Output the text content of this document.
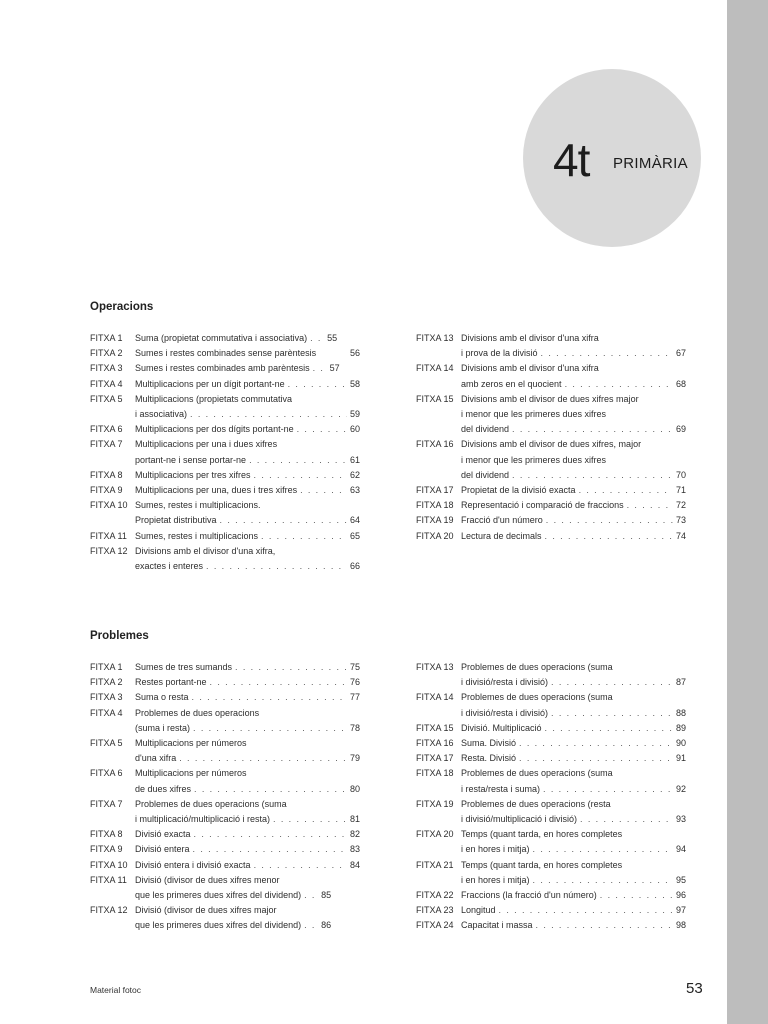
4t PRIMÀRIA
Operacions
FITXA 1	Suma (propietat commutativa i associativa) . . .	55
FITXA 2	Sumes i restes combinades sense parèntesis	56
FITXA 3	Sumes i restes combinades amb parèntesis . . .	57
FITXA 4	Multiplicacions per un dígit portant-ne . . .	58
FITXA 5	Multiplicacions (propietats commutativa
i associativa) . . .	59
FITXA 6	Multiplicacions per dos dígits portant-ne . . .	60
FITXA 7	Multiplicacions per una i dues xifres
portant-ne i sense portar-ne . . .	61
FITXA 8	Multiplicacions per tres xifres . . .	62
FITXA 9	Multiplicacions per una, dues i tres xifres . . .	63
FITXA 10 Sumes, restes i multiplicacions.
Propietat distributiva . . .	64
FITXA 11 Sumes, restes i multiplicacions . . .	65
FITXA 12 Divisions amb el divisor d'una xifra,
exactes i enteres . . .	66
FITXA 13 Divisions amb el divisor d'una xifra
i prova de la divisió . . .	67
FITXA 14 Divisions amb el divisor d'una xifra
amb zeros en el quocient . . .	68
FITXA 15 Divisions amb el divisor de dues xifres major
i menor que les primeres dues xifres
del dividend . . .	69
FITXA 16 Divisions amb el divisor de dues xifres, major
i menor que les primeres dues xifres
del dividend . . .	70
FITXA 17 Propietat de la divisió exacta . . .	71
FITXA 18 Representació i comparació de fraccions . . .	72
FITXA 19 Fracció d'un número . . .	73
FITXA 20 Lectura de decimals . . .	74
Problemes
FITXA 1	Sumes de tres sumands . . .	75
FITXA 2	Restes portant-ne . . .	76
FITXA 3	Suma o resta . . .	77
FITXA 4	Problemes de dues operacions
(suma i resta) . . .	78
FITXA 5	Multiplicacions per números
d'una xifra . . .	79
FITXA 6	Multiplicacions per números
de dues xifres . . .	80
FITXA 7	Problemes de dues operacions (suma
i multiplicació/multiplicació i resta) . . .	81
FITXA 8	Divisió exacta . . .	82
FITXA 9	Divisió entera . . .	83
FITXA 10 Divisió entera i divisió exacta . . .	84
FITXA 11 Divisió (divisor de dues xifres menor
que les primeres dues xifres del dividend) . . .	85
FITXA 12 Divisió (divisor de dues xifres major
que les primeres dues xifres del dividend) . . .	86
FITXA 13 Problemes de dues operacions (suma
i divisió/resta i divisió) . . .	87
FITXA 14 Problemes de dues operacions (suma
i divisió/resta i divisió) . . .	88
FITXA 15 Divisió. Multiplicació . . .	89
FITXA 16 Suma. Divisió . . .	90
FITXA 17 Resta. Divisió . . .	91
FITXA 18 Problemes de dues operacions (suma
i resta/resta i suma) . . .	92
FITXA 19 Problemes de dues operacions (resta
i divisió/multiplicació i divisió) . . .	93
FITXA 20 Temps (quant tarda, en hores completes
i en hores i mitja) . . .	94
FITXA 21 Temps (quant tarda, en hores completes
i en hores i mitja) . . .	95
FITXA 22 Fraccions (la fracció d'un número) . . .	96
FITXA 23 Longitud . . .	97
FITXA 24 Capacitat i massa . . .	98
Material fotoc	53
